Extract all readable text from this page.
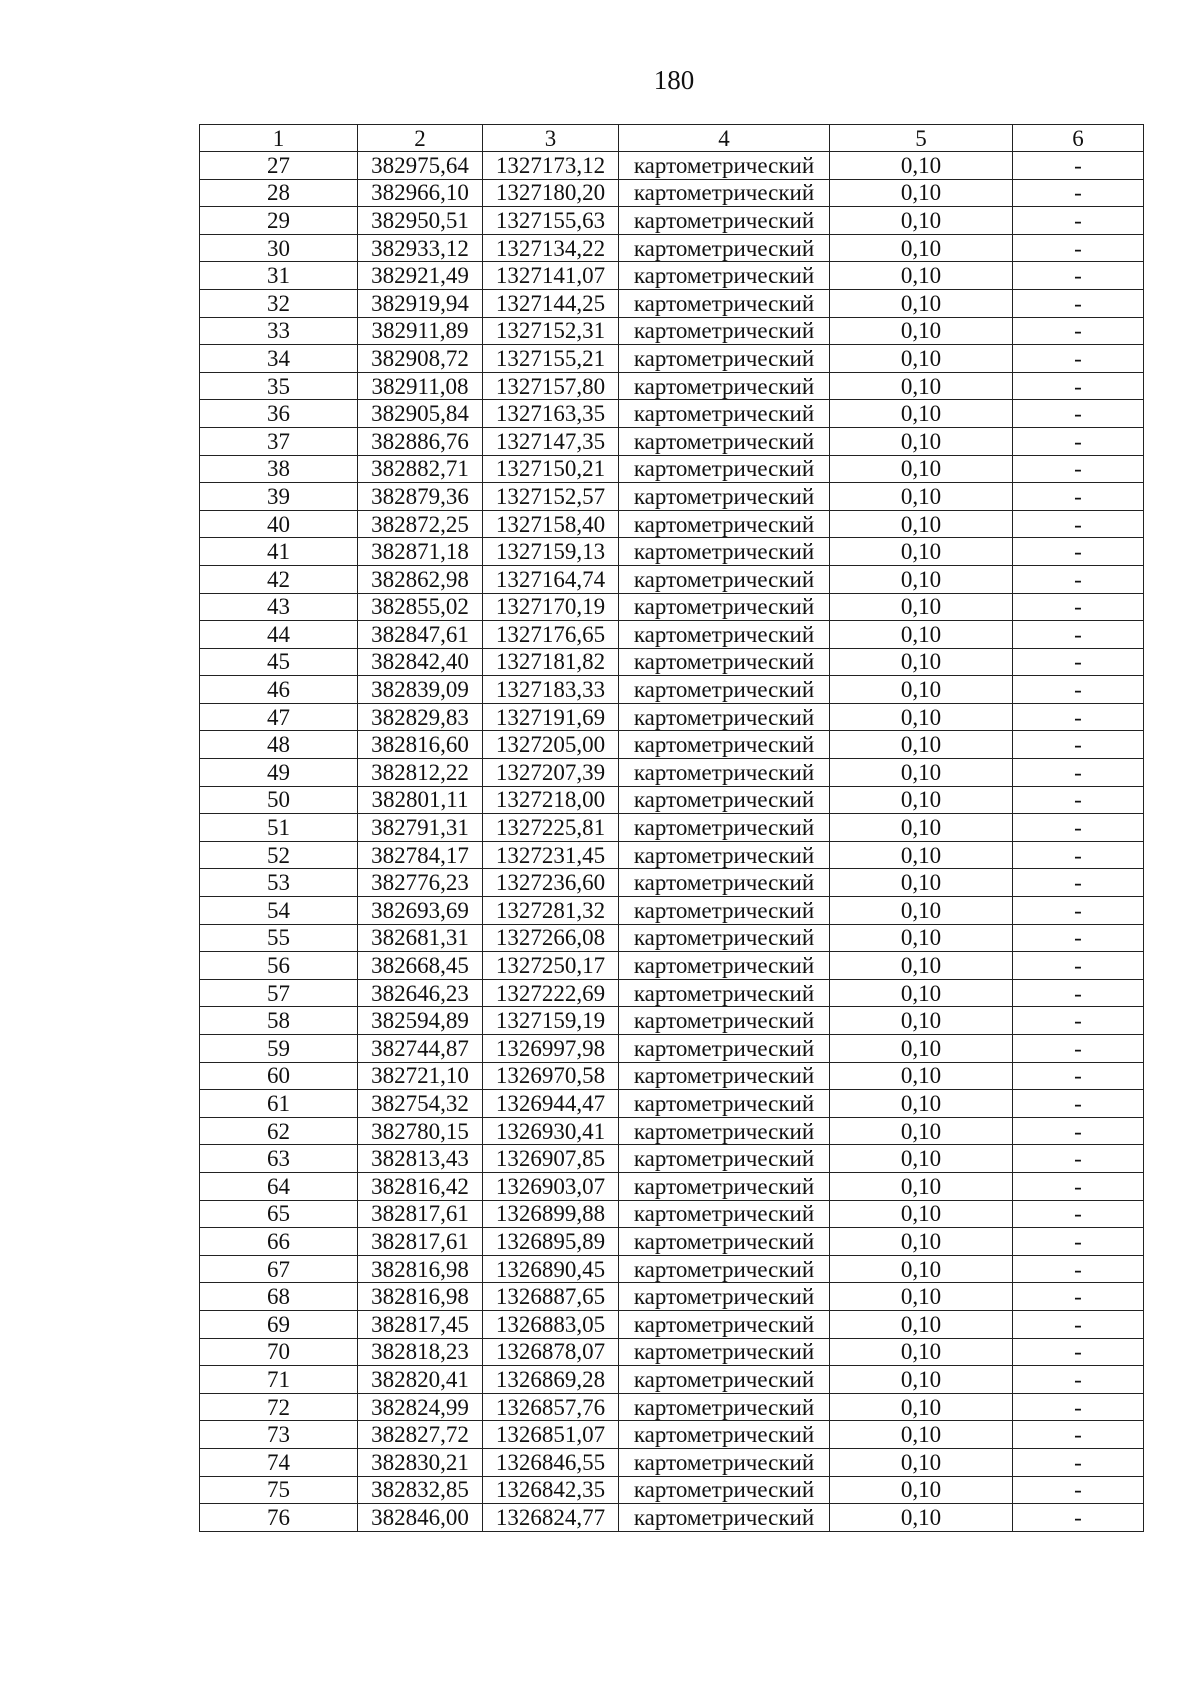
180
1	2	3	4	5	6
27	382975,64	1327173,12	картометрический	0,10	-
28	382966,10	1327180,20	картометрический	0,10	-
29	382950,51	1327155,63	картометрический	0,10	-
30	382933,12	1327134,22	картометрический	0,10	-
31	382921,49	1327141,07	картометрический	0,10	-
32	382919,94	1327144,25	картометрический	0,10	-
33	382911,89	1327152,31	картометрический	0,10	-
34	382908,72	1327155,21	картометрический	0,10	-
35	382911,08	1327157,80	картометрический	0,10	-
36	382905,84	1327163,35	картометрический	0,10	-
37	382886,76	1327147,35	картометрический	0,10	-
38	382882,71	1327150,21	картометрический	0,10	-
39	382879,36	1327152,57	картометрический	0,10	-
40	382872,25	1327158,40	картометрический	0,10	-
41	382871,18	1327159,13	картометрический	0,10	-
42	382862,98	1327164,74	картометрический	0,10	-
43	382855,02	1327170,19	картометрический	0,10	-
44	382847,61	1327176,65	картометрический	0,10	-
45	382842,40	1327181,82	картометрический	0,10	-
46	382839,09	1327183,33	картометрический	0,10	-
47	382829,83	1327191,69	картометрический	0,10	-
48	382816,60	1327205,00	картометрический	0,10	-
49	382812,22	1327207,39	картометрический	0,10	-
50	382801,11	1327218,00	картометрический	0,10	-
51	382791,31	1327225,81	картометрический	0,10	-
52	382784,17	1327231,45	картометрический	0,10	-
53	382776,23	1327236,60	картометрический	0,10	-
54	382693,69	1327281,32	картометрический	0,10	-
55	382681,31	1327266,08	картометрический	0,10	-
56	382668,45	1327250,17	картометрический	0,10	-
57	382646,23	1327222,69	картометрический	0,10	-
58	382594,89	1327159,19	картометрический	0,10	-
59	382744,87	1326997,98	картометрический	0,10	-
60	382721,10	1326970,58	картометрический	0,10	-
61	382754,32	1326944,47	картометрический	0,10	-
62	382780,15	1326930,41	картометрический	0,10	-
63	382813,43	1326907,85	картометрический	0,10	-
64	382816,42	1326903,07	картометрический	0,10	-
65	382817,61	1326899,88	картометрический	0,10	-
66	382817,61	1326895,89	картометрический	0,10	-
67	382816,98	1326890,45	картометрический	0,10	-
68	382816,98	1326887,65	картометрический	0,10	-
69	382817,45	1326883,05	картометрический	0,10	-
70	382818,23	1326878,07	картометрический	0,10	-
71	382820,41	1326869,28	картометрический	0,10	-
72	382824,99	1326857,76	картометрический	0,10	-
73	382827,72	1326851,07	картометрический	0,10	-
74	382830,21	1326846,55	картометрический	0,10	-
75	382832,85	1326842,35	картометрический	0,10	-
76	382846,00	1326824,77	картометрический	0,10	-
